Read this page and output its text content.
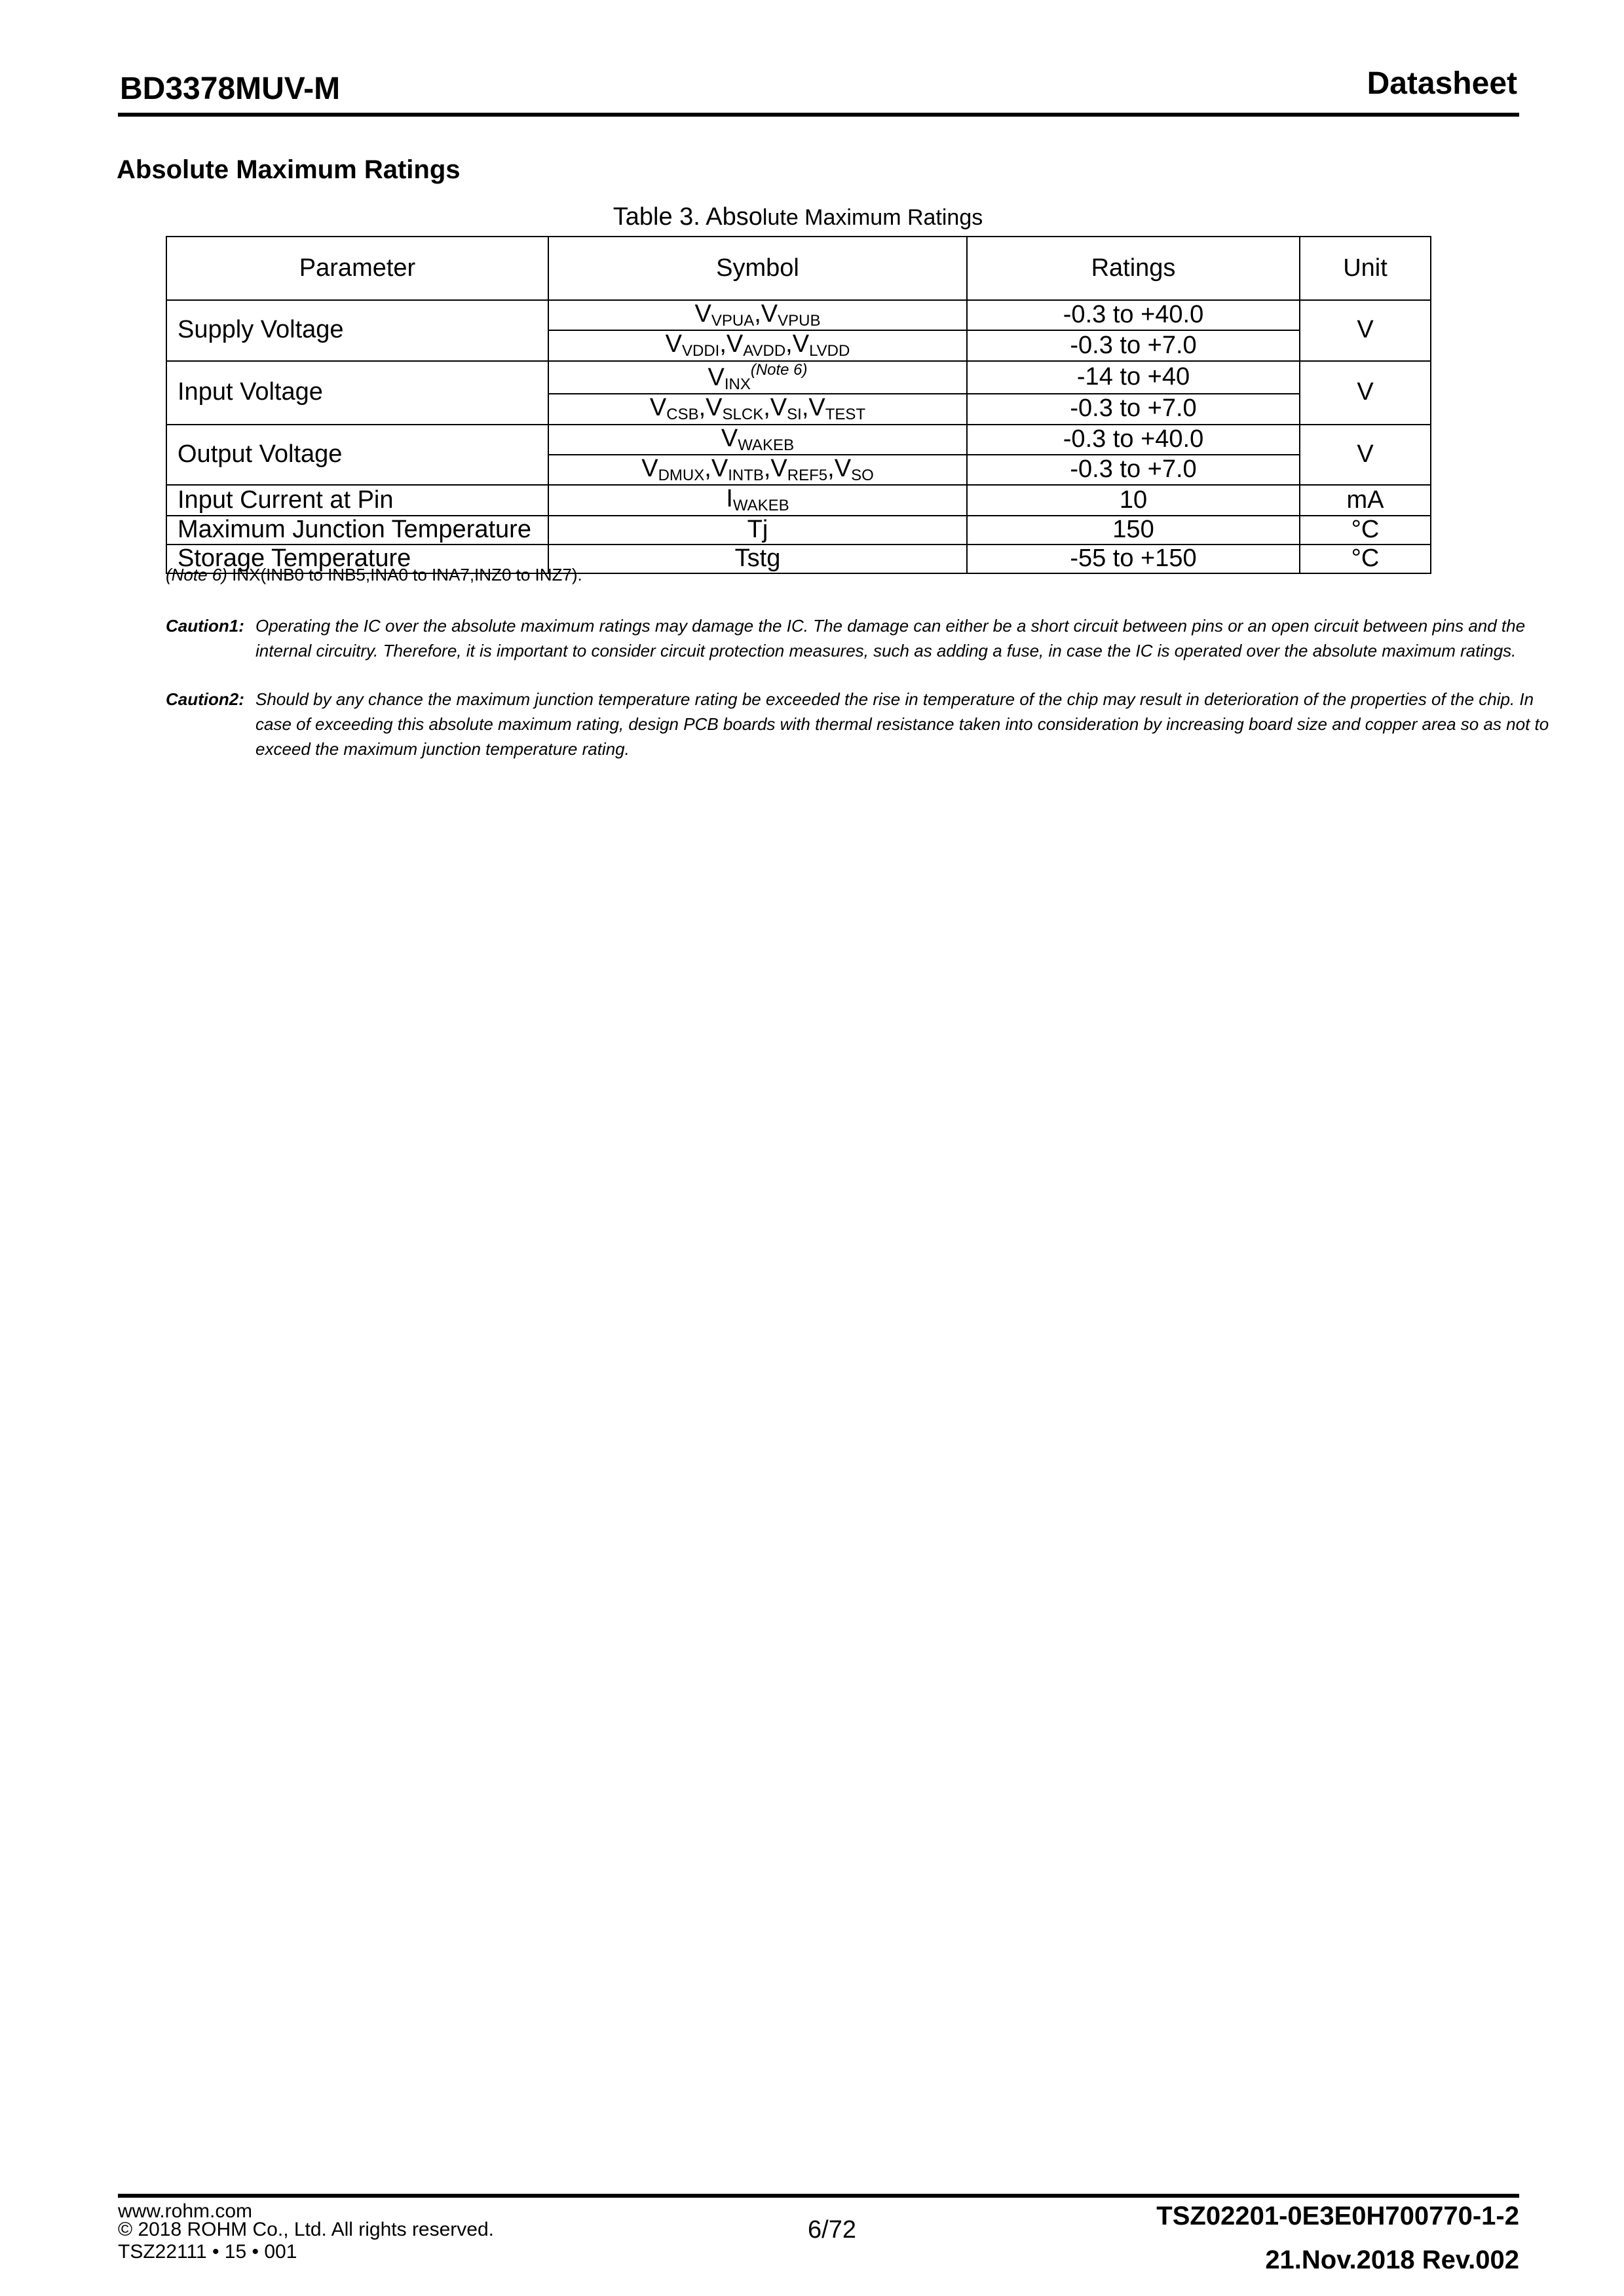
BD3378MUV-M	Datasheet
Absolute Maximum Ratings
Table 3. Absolute Maximum Ratings
Parameter	Symbol	Ratings	Unit
Supply Voltage	$V_{VPUA},V_{VPUB}$	-0.3 to +40.0	V
	$V_{VDDI},V_{AVDD},V_{LVDD}$	-0.3 to +7.0	
Input Voltage	$V_{INX}^{(Note 6)}$	-14 to +40	V
	$V_{CSB},V_{SLCK},V_{SI},V_{TEST}$	-0.3 to +7.0	
Output Voltage	$V_{WAKEB}$	-0.3 to +40.0	V
	$V_{DMUX},V_{INTB},V_{REF5},V_{SO}$	-0.3 to +7.0	
Input Current at Pin	$I_{WAKEB}$	10	mA
Maximum Junction Temperature	Tj	150	°C
Storage Temperature	Tstg	-55 to +150	°C
(Note 6) INX(INB0 to INB5,INA0 to INA7,INZ0 to INZ7).
Caution1: Operating the IC over the absolute maximum ratings may damage the IC. The damage can either be a short circuit between pins or an open circuit between pins and the internal circuitry. Therefore, it is important to consider circuit protection measures, such as adding a fuse, in case the IC is operated over the absolute maximum ratings.
Caution2: Should by any chance the maximum junction temperature rating be exceeded the rise in temperature of the chip may result in deterioration of the properties of the chip. In case of exceeding this absolute maximum rating, design PCB boards with thermal resistance taken into consideration by increasing board size and copper area so as not to exceed the maximum junction temperature rating.
www.rohm.com
© 2018 ROHM Co., Ltd. All rights reserved.
TSZ22111 • 15 • 001
6/72	TSZ02201-0E3E0H700770-1-2
21.Nov.2018 Rev.002
